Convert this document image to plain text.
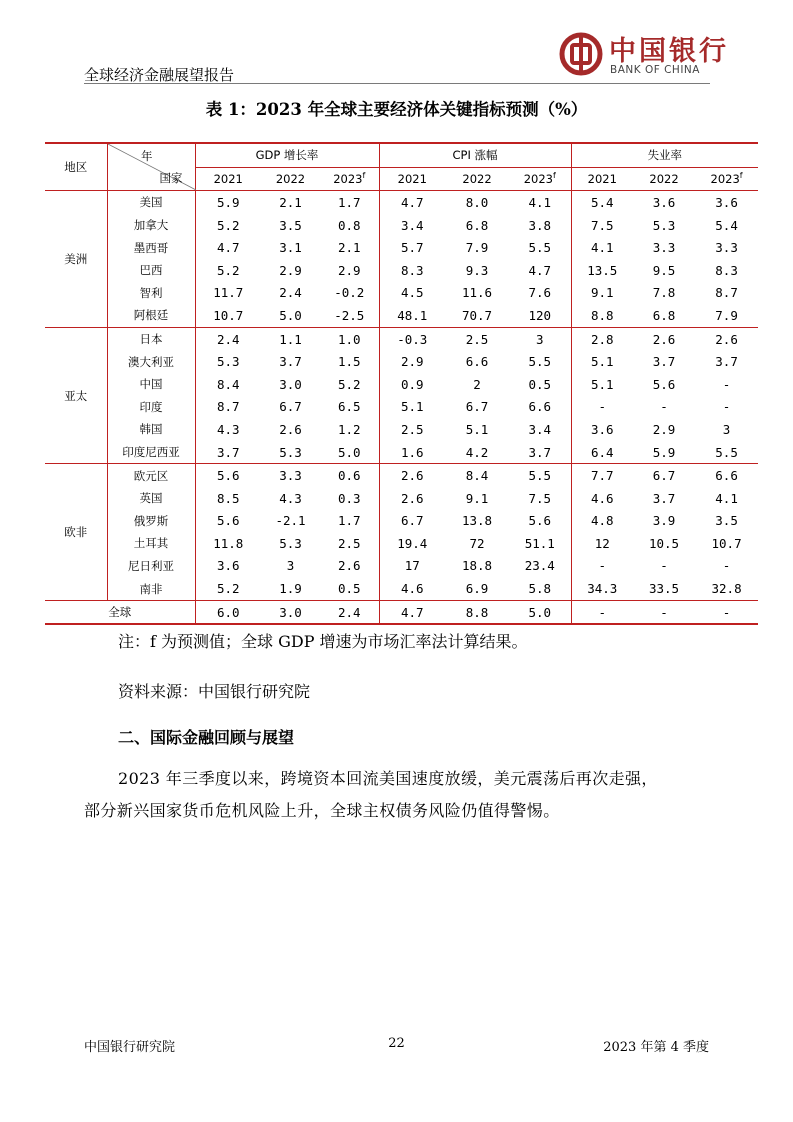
全球经济金融展望报告
中国银行
BANK OF CHINA
表 1：2023 年全球主要经济体关键指标预测（%）
地区	年
国家	GDP 增长率			CPI 涨幅			失业率		
		2021	2022	2023$^f$	2021	2022	2023$^f$	2021	2022	2023$^f$
美洲	美国	5.9	2.1	1.7	4.7	8.0	4.1	5.4	3.6	3.6
	加拿大	5.2	3.5	0.8	3.4	6.8	3.8	7.5	5.3	5.4
	墨西哥	4.7	3.1	2.1	5.7	7.9	5.5	4.1	3.3	3.3
	巴西	5.2	2.9	2.9	8.3	9.3	4.7	13.5	9.5	8.3
	智利	11.7	2.4	-0.2	4.5	11.6	7.6	9.1	7.8	8.7
	阿根廷	10.7	5.0	-2.5	48.1	70.7	120	8.8	6.8	7.9
亚太	日本	2.4	1.1	1.0	-0.3	2.5	3	2.8	2.6	2.6
	澳大利亚	5.3	3.7	1.5	2.9	6.6	5.5	5.1	3.7	3.7
	中国	8.4	3.0	5.2	0.9	2	0.5	5.1	5.6	-
	印度	8.7	6.7	6.5	5.1	6.7	6.6	-	-	-
	韩国	4.3	2.6	1.2	2.5	5.1	3.4	3.6	2.9	3
	印度尼西亚	3.7	5.3	5.0	1.6	4.2	3.7	6.4	5.9	5.5
欧非	欧元区	5.6	3.3	0.6	2.6	8.4	5.5	7.7	6.7	6.6
	英国	8.5	4.3	0.3	2.6	9.1	7.5	4.6	3.7	4.1
	俄罗斯	5.6	-2.1	1.7	6.7	13.8	5.6	4.8	3.9	3.5
	土耳其	11.8	5.3	2.5	19.4	72	51.1	12	10.5	10.7
	尼日利亚	3.6	3	2.6	17	18.8	23.4	-	-	-
	南非	5.2	1.9	0.5	4.6	6.9	5.8	34.3	33.5	32.8
全球		6.0	3.0	2.4	4.7	8.8	5.0	-	-	-
注：f 为预测值；全球 GDP 增速为市场汇率法计算结果。
资料来源：中国银行研究院
二、国际金融回顾与展望
2023 年三季度以来，跨境资本回流美国速度放缓，美元震荡后再次走强，
部分新兴国家货币危机风险上升，全球主权债务风险仍值得警惕。
中国银行研究院	22	2023 年第 4 季度
